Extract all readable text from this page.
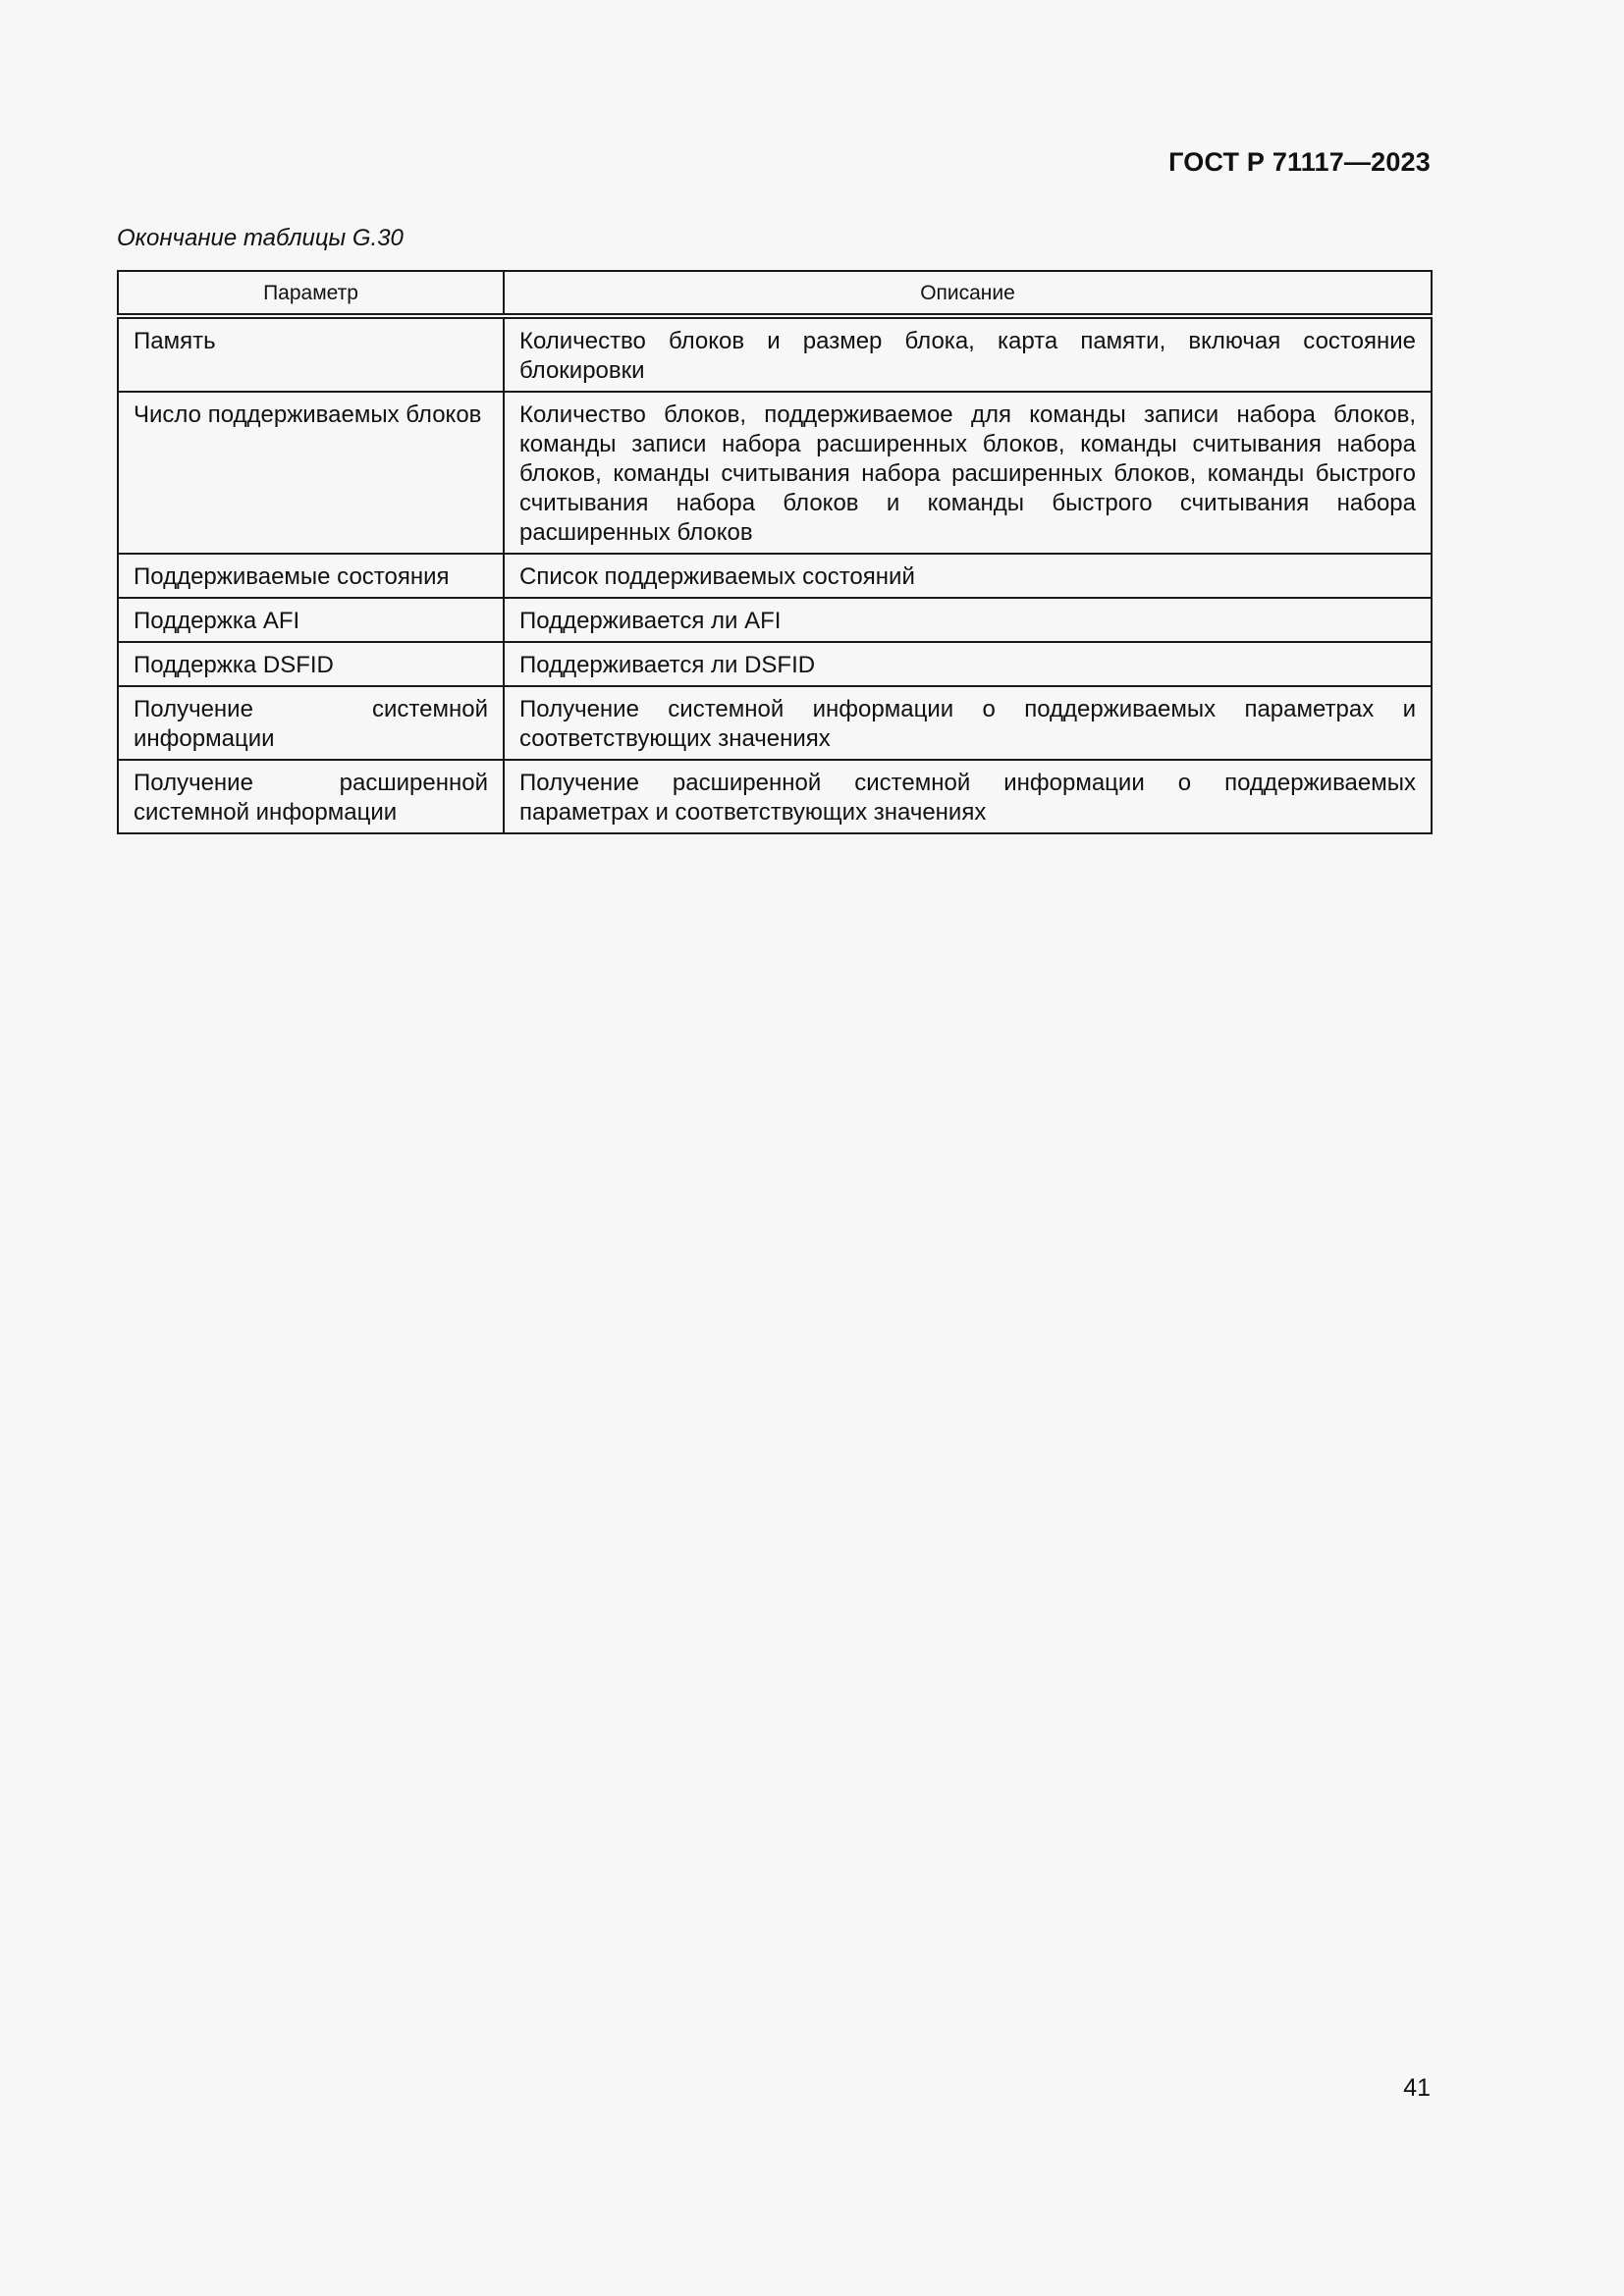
ГОСТ Р 71117—2023
Окончание таблицы G.30
Параметр	Описание
Память	Количество блоков и размер блока, карта памяти, включая состояние блокировки
Число поддерживаемых блоков	Количество блоков, поддерживаемое для команды записи набора блоков, команды записи набора расширенных блоков, команды считывания набора блоков, команды считывания набора расширенных блоков, команды быстрого считывания набора блоков и команды быстрого считывания набора расширенных блоков
Поддерживаемые состояния	Список поддерживаемых состояний
Поддержка AFI	Поддерживается ли AFI
Поддержка DSFID	Поддерживается ли DSFID
Получение системной информации	Получение системной информации о поддерживаемых параметрах и соответствующих значениях
Получение расширенной системной информации	Получение расширенной системной информации о поддерживаемых параметрах и соответствующих значениях
41
